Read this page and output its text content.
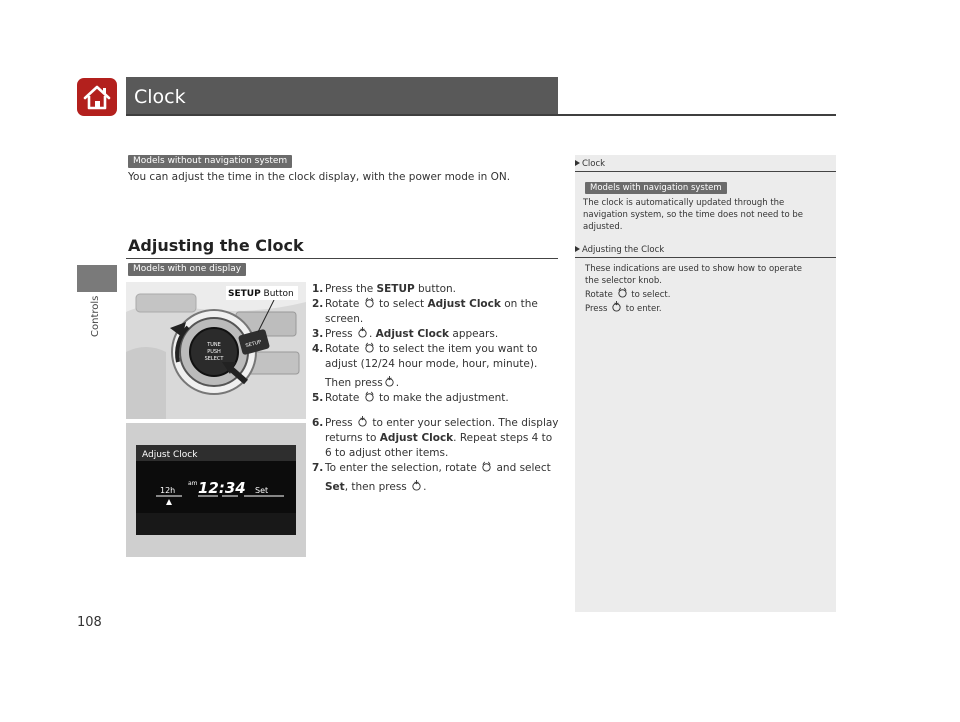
Clock
Controls
108
Models without navigation system
You can adjust the time in the clock display, with the power mode in ON.
Adjusting the Clock
Models with one display
TUNE
PUSH
SELECT
SETUP
SETUP Button
Adjust Clock
12h
am 12:34 Set
1. Press the SETUP button.
2. Rotate  to select Adjust Clock on the screen.
3. Press . Adjust Clock appears.
4. Rotate  to select the item you want to adjust (12/24 hour mode, hour, minute).
Then press.
5. Rotate  to make the adjustment.
6. Press  to enter your selection. The display returns to Adjust Clock. Repeat steps 4 to 6 to adjust other items.
7. To enter the selection, rotate  and select
Set, then press .
Clock
Models with navigation system
The clock is automatically updated through the navigation system, so the time does not need to be adjusted.
Adjusting the Clock
These indications are used to show how to operate the selector knob.
Rotate  to select.
Press  to enter.
